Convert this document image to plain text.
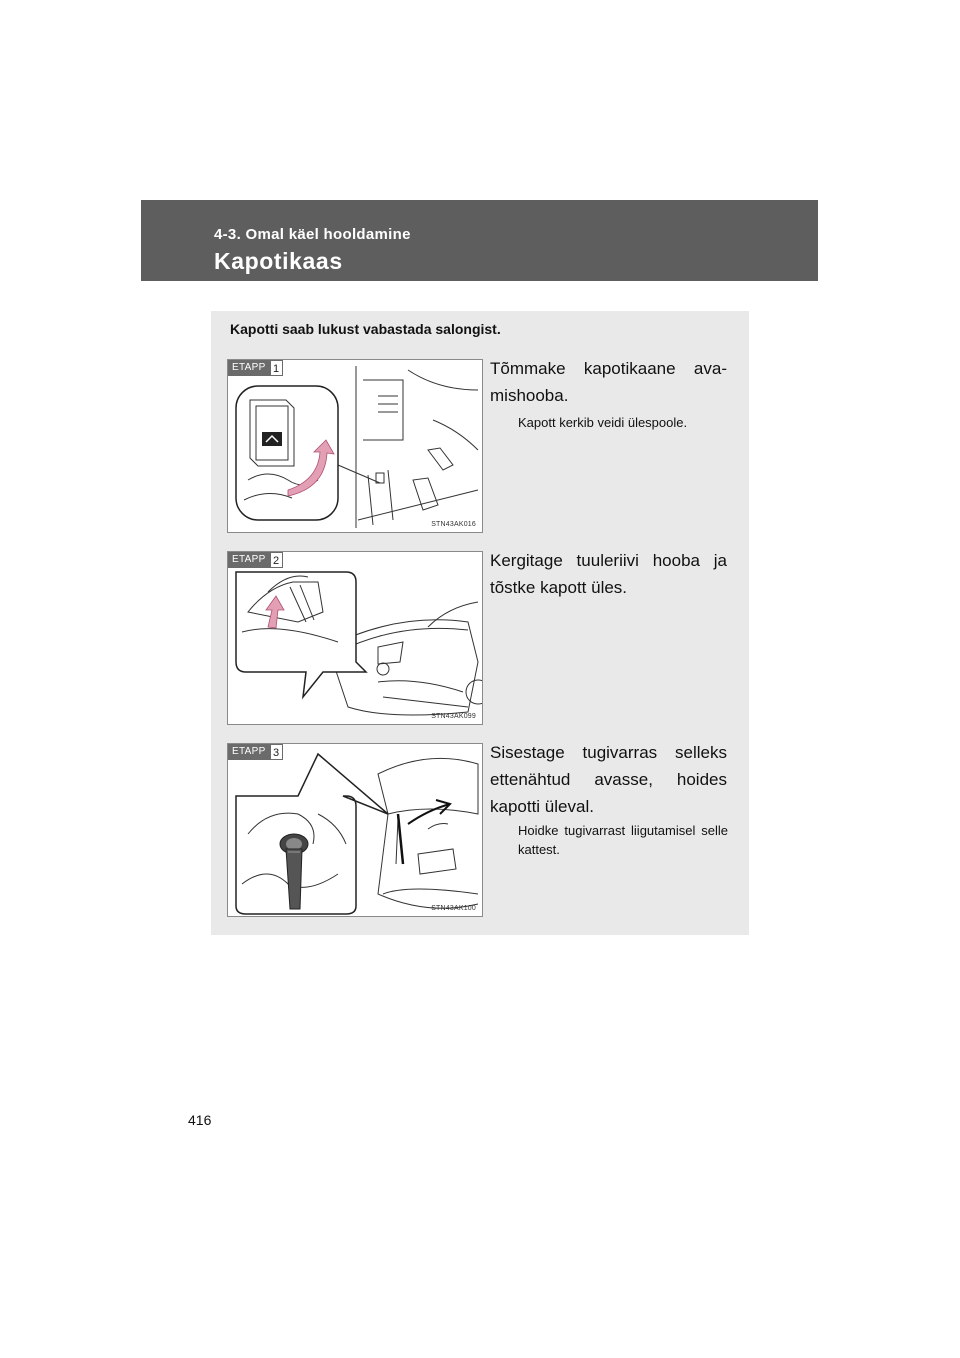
4-3. Omal käel hooldamine
Kapotikaas
Kapotti saab lukust vabastada salongist.
ETAPP 1
STN43AK016
Tõmmake kapotikaane ava-mishooba.
Kapott kerkib veidi ülespoole.
ETAPP 2
STN43AK099
Kergitage tuuleriivi hooba ja tõstke kapott üles.
ETAPP 3
STN43AK100
Sisestage tugivarras selleks ettenähtud avasse, hoides kapotti üleval.
Hoidke tugivarrast liigutamisel selle kattest.
416
